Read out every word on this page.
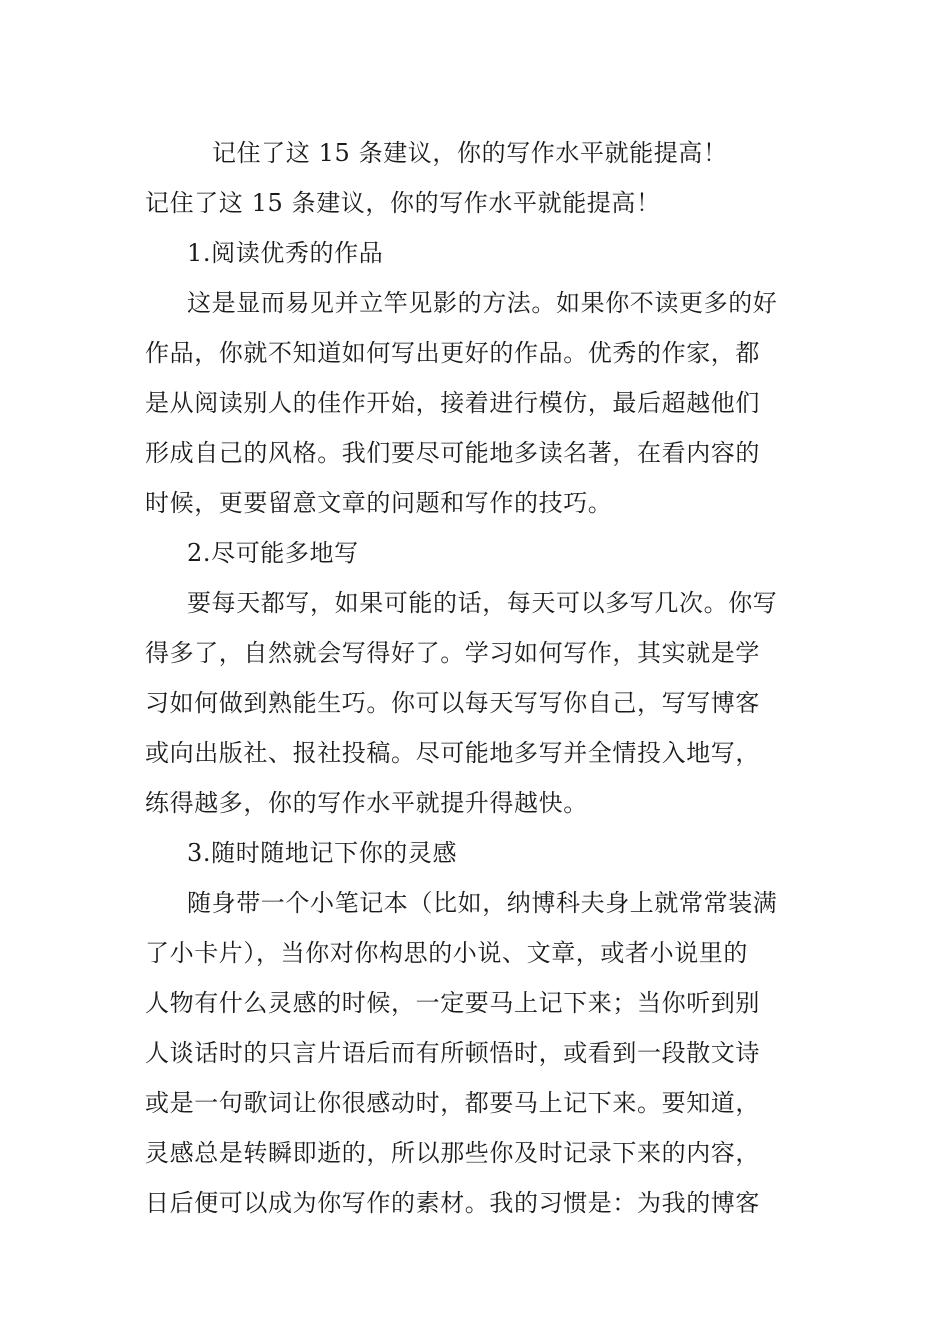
记住了这 15 条建议，你的写作水平就能提高！
记住了这 15 条建议，你的写作水平就能提高！
1.阅读优秀的作品
这是显而易见并立竿见影的方法。如果你不读更多的好
作品，你就不知道如何写出更好的作品。优秀的作家，都
是从阅读别人的佳作开始，接着进行模仿，最后超越他们
形成自己的风格。我们要尽可能地多读名著，在看内容的
时候，更要留意文章的问题和写作的技巧。
2.尽可能多地写
要每天都写，如果可能的话，每天可以多写几次。你写
得多了，自然就会写得好了。学习如何写作，其实就是学
习如何做到熟能生巧。你可以每天写写你自己，写写博客
或向出版社、报社投稿。尽可能地多写并全情投入地写，
练得越多，你的写作水平就提升得越快。
3.随时随地记下你的灵感
随身带一个小笔记本（比如，纳博科夫身上就常常装满
了小卡片），当你对你构思的小说、文章，或者小说里的
人物有什么灵感的时候，一定要马上记下来；当你听到别
人谈话时的只言片语后而有所顿悟时，或看到一段散文诗
或是一句歌词让你很感动时，都要马上记下来。要知道，
灵感总是转瞬即逝的，所以那些你及时记录下来的内容，
日后便可以成为你写作的素材。我的习惯是：为我的博客
